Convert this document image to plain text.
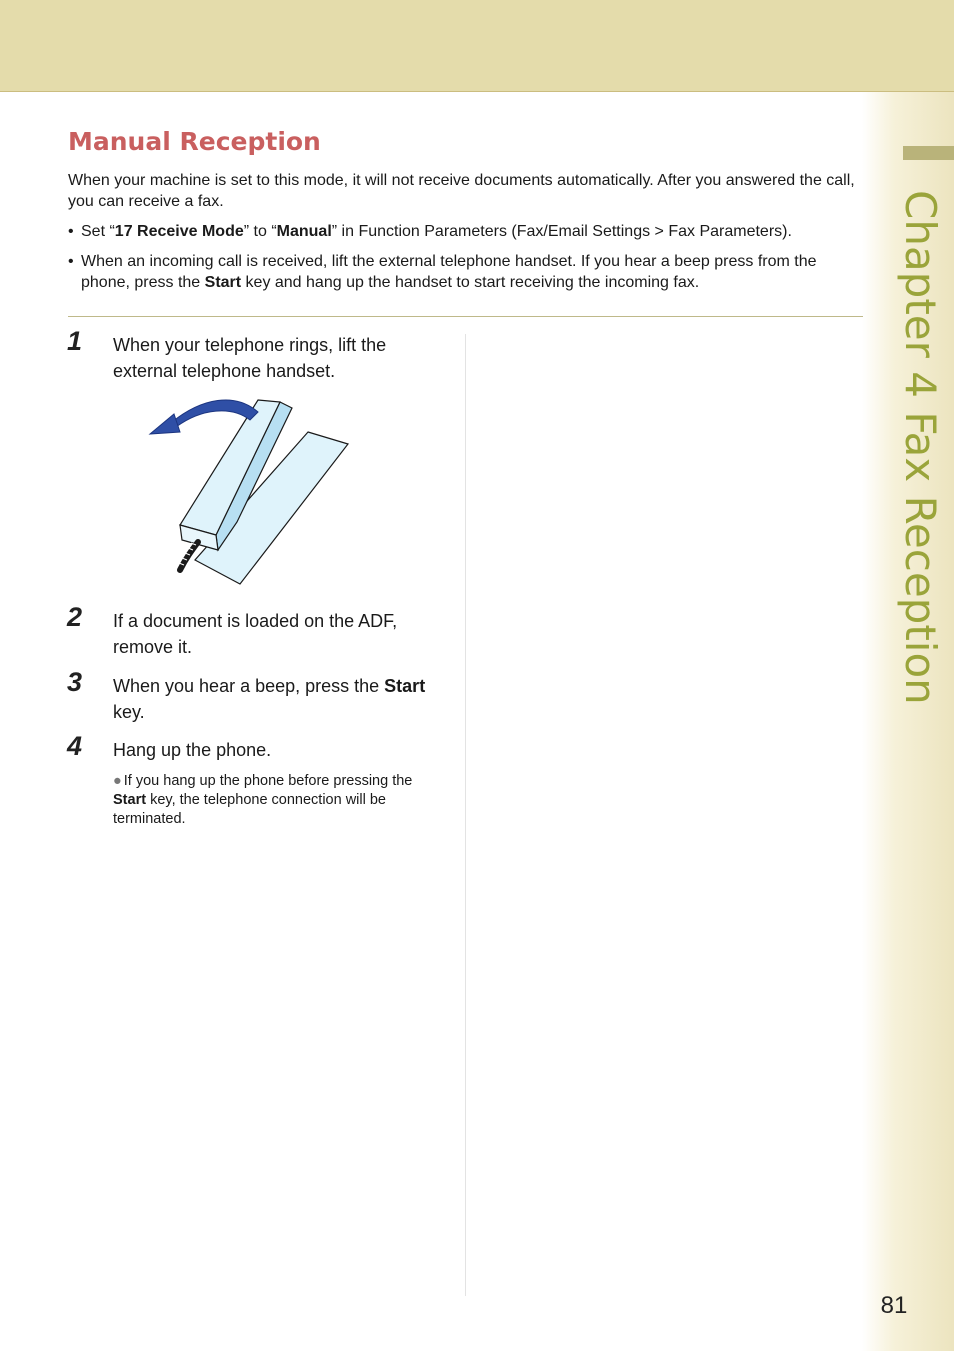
Chapter 4 Fax Reception
Manual Reception

When your machine is set to this mode, it will not receive documents automatically. After you answered the call, you can receive a fax.

• Set “17 Receive Mode” to “Manual” in Function Parameters (Fax/Email Settings > Fax Parameters).
• When an incoming call is received, lift the external telephone handset. If you hear a beep press from the phone, press the Start key and hang up the handset to start receiving the incoming fax.
1 When your telephone rings, lift the external telephone handset.
2 If a document is loaded on the ADF, remove it.
3 When you hear a beep, press the Start key.
4 Hang up the phone.
● If you hang up the phone before pressing the Start key, the telephone connection will be terminated.
81
